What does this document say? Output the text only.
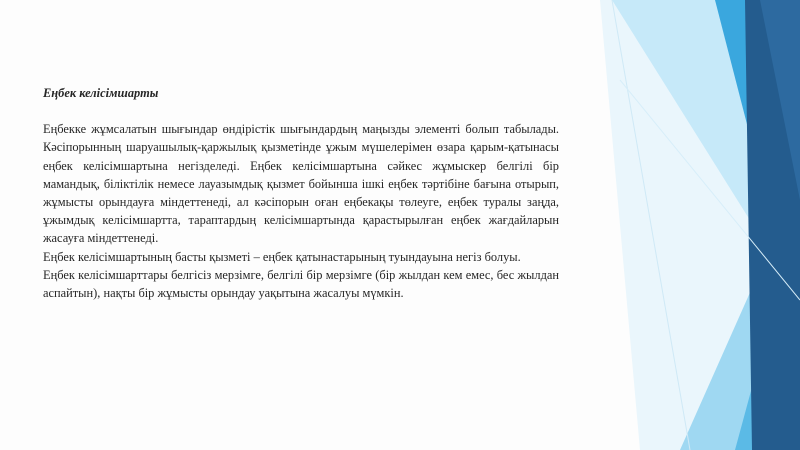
Еңбек келісімшарты

Еңбекке жұмсалатын шығындар өндірістік шығындардың маңызды элементі болып табылады. Кәсіпорынның шаруашылық-қаржылық қызметінде ұжым мүшелерімен өзара қарым-қатынасы еңбек келісімшартына негізделеді. Еңбек келісімшартына сәйкес жұмыскер белгілі бір мамандық, біліктілік немесе лауазымдық қызмет бойынша ішкі еңбек тәртібіне бағына отырып, жұмысты орындауға міндеттенеді, ал кәсіпорын оған еңбекақы төлеуге, еңбек туралы заңда, ұжымдық келісімшартта, тараптардың келісімшартында қарастырылған еңбек жағдайларын жасауға міндеттенеді.

Еңбек келісімшартының басты қызметі – еңбек қатынастарының туындауына негіз болуы.

Еңбек келісімшарттары белгісіз мерзімге, белгілі бір мерзімге (бір жылдан кем емес, бес жылдан аспайтын), нақты бір жұмысты орындау уақытына жасалуы мүмкін.
